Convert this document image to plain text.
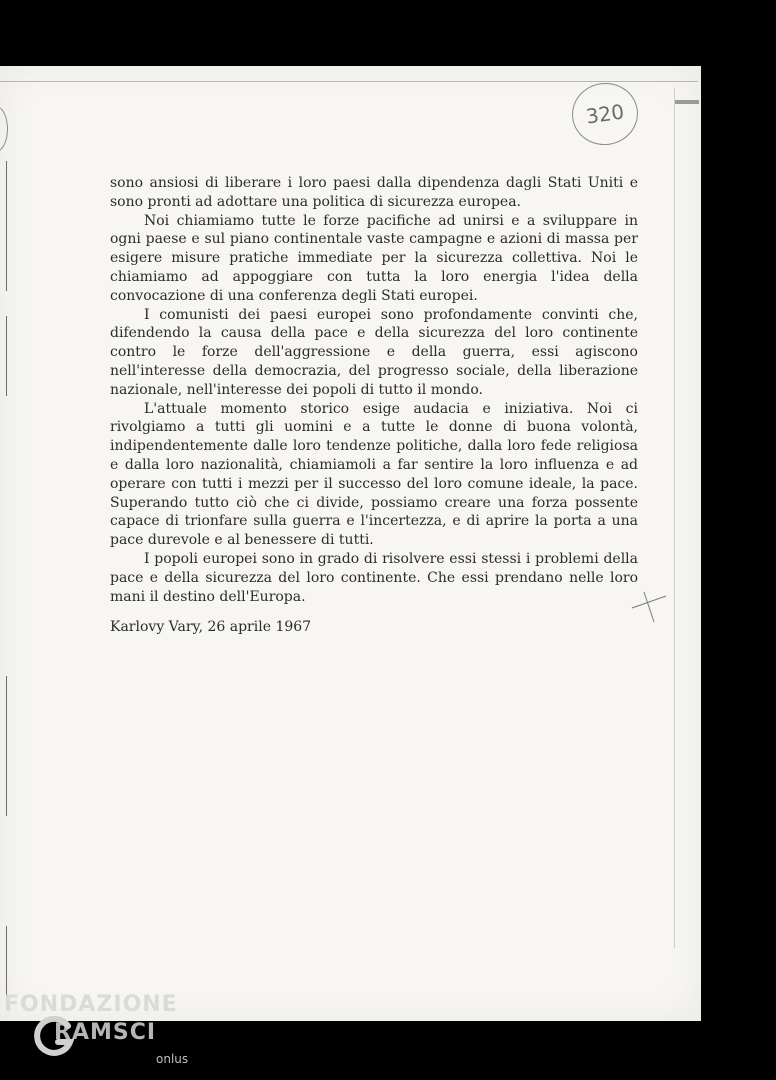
320

sono ansiosi di liberare i loro paesi dalla dipendenza dagli Stati Uniti e sono pronti ad adottare una politica di sicurezza europea.

Noi chiamiamo tutte le forze pacifiche ad unirsi e a sviluppare in ogni paese e sul piano continentale vaste campagne e azioni di massa per esigere misure pratiche immediate per la sicurezza collettiva. Noi le chiamiamo ad appoggiare con tutta la loro energia l'idea della convocazione di una conferenza degli Stati europei.

I comunisti dei paesi europei sono profondamente convinti che, difendendo la causa della pace e della sicurezza del loro continente contro le forze dell'aggressione e della guerra, essi agiscono nell'interesse della democrazia, del progresso sociale, della liberazione nazionale, nell'interesse dei popoli di tutto il mondo.

L'attuale momento storico esige audacia e iniziativa. Noi ci rivolgiamo a tutti gli uomini e a tutte le donne di buona volontà, indipendentemente dalle loro tendenze politiche, dalla loro fede religiosa e dalla loro nazionalità, chiamiamoli a far sentire la loro influenza e ad operare con tutti i mezzi per il successo del loro comune ideale, la pace. Superando tutto ciò che ci divide, possiamo creare una forza possente capace di trionfare sulla guerra e l'incertezza, e di aprire la porta a una pace durevole e al benessere di tutti.

I popoli europei sono in grado di risolvere essi stessi i problemi della pace e della sicurezza del loro continente. Che essi prendano nelle loro mani il destino dell'Europa.

Karlovy Vary, 26 aprile 1967
FONDAZIONE
RAMSCI
onlus
